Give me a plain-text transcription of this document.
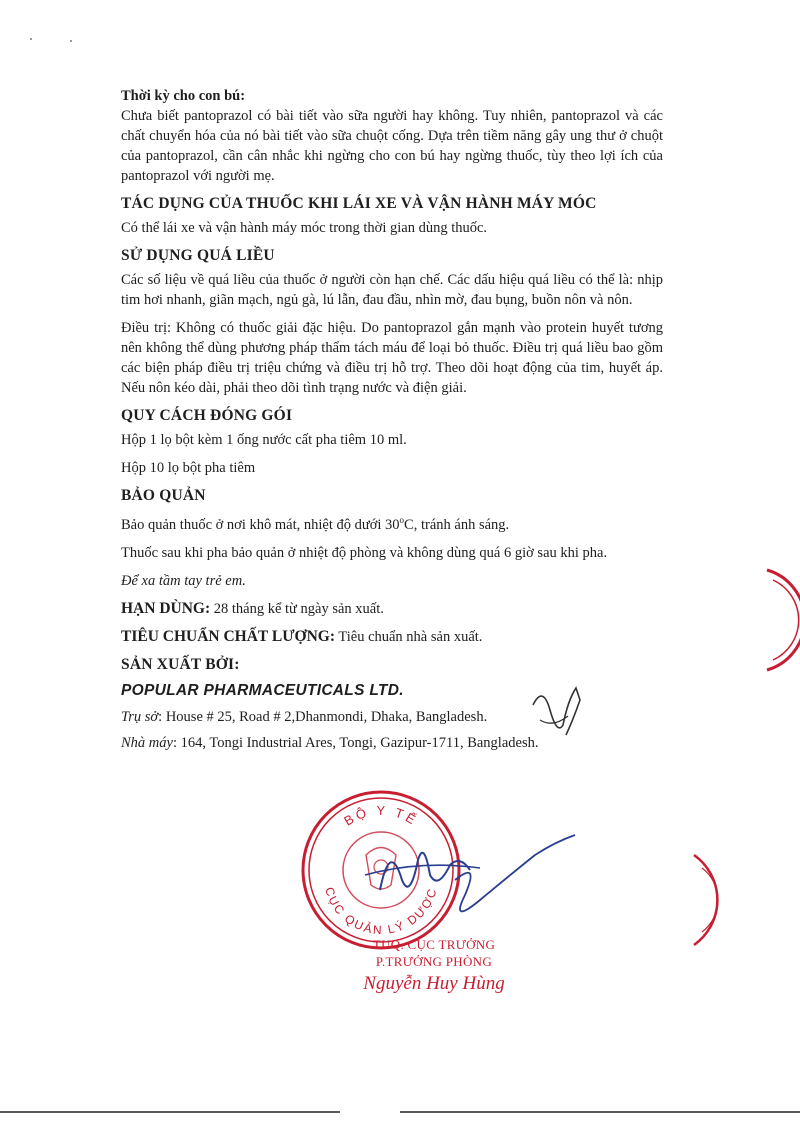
Thời kỳ cho con bú:

Chưa biết pantoprazol có bài tiết vào sữa người hay không. Tuy nhiên, pantoprazol và các chất chuyển hóa của nó bài tiết vào sữa chuột cống. Dựa trên tiềm năng gây ung thư ở chuột của pantoprazol, cần cân nhắc khi ngừng cho con bú hay ngừng thuốc, tùy theo lợi ích của pantoprazol với người mẹ.

TÁC DỤNG CỦA THUỐC KHI LÁI XE VÀ VẬN HÀNH MÁY MÓC

Có thể lái xe và vận hành máy móc trong thời gian dùng thuốc.

SỬ DỤNG QUÁ LIỀU

Các số liệu về quá liều của thuốc ở người còn hạn chế. Các dấu hiệu quá liều có thể là: nhịp tim hơi nhanh, giãn mạch, ngủ gà, lú lẫn, đau đầu, nhìn mờ, đau bụng, buồn nôn và nôn.

Điều trị: Không có thuốc giải đặc hiệu. Do pantoprazol gắn mạnh vào protein huyết tương nên không thể dùng phương pháp thẩm tách máu để loại bỏ thuốc. Điều trị quá liều bao gồm các biện pháp điều trị triệu chứng và điều trị hỗ trợ. Theo dõi hoạt động của tim, huyết áp. Nếu nôn kéo dài, phải theo dõi tình trạng nước và điện giải.

QUY CÁCH ĐÓNG GÓI

Hộp 1 lọ bột kèm 1 ống nước cất pha tiêm 10 ml.

Hộp 10 lọ bột pha tiêm

BẢO QUẢN

Bảo quản thuốc ở nơi khô mát, nhiệt độ dưới 30$^o$C, tránh ánh sáng.

Thuốc sau khi pha bảo quản ở nhiệt độ phòng và không dùng quá 6 giờ sau khi pha.

Để xa tầm tay trẻ em.

HẠN DÙNG: 28 tháng kể từ ngày sản xuất.

TIÊU CHUẨN CHẤT LƯỢNG: Tiêu chuẩn nhà sản xuất.

SẢN XUẤT BỞI:
POPULAR PHARMACEUTICALS LTD.

Trụ sở: House # 25, Road # 2,Dhanmondi, Dhaka, Bangladesh.

Nhà máy: 164, Tongi Industrial Ares, Tongi, Gazipur-1711, Bangladesh.

BỘ Y TẾ
CỤC QUẢN LÝ DƯỢC
TUQ. CỤC TRƯỞNG
P.TRƯỞNG PHÒNG
Nguyễn Huy Hùng
